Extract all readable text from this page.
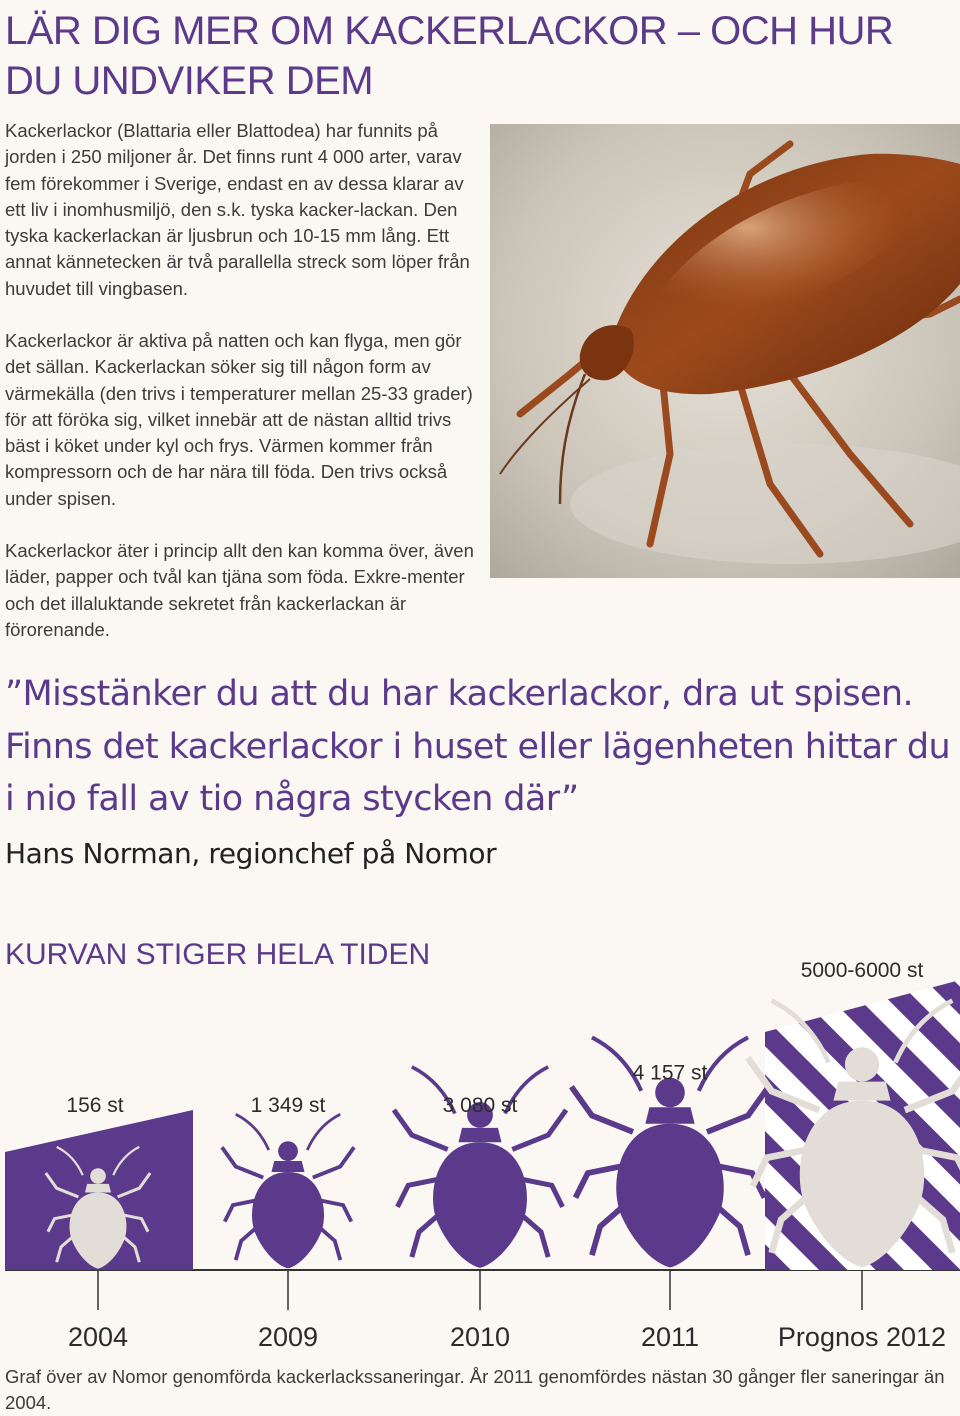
LÄR DIG MER OM KACKERLACKOR – OCH HUR DU UNDVIKER DEM

Kackerlackor (Blattaria eller Blattodea) har funnits på jorden i 250 miljoner år. Det finns runt 4 000 arter, varav fem förekommer i Sverige, endast en av dessa klarar av ett liv i inomhusmiljö, den s.k. tyska kacker-lackan. Den tyska kackerlackan är ljusbrun och 10-15 mm lång. Ett annat kännetecken är två parallella streck som löper från huvudet till vingbasen.

Kackerlackor är aktiva på natten och kan flyga, men gör det sällan. Kackerlackan söker sig till någon form av värmekälla (den trivs i temperaturer mellan 25-33 grader) för att föröka sig, vilket innebär att de nästan alltid trivs bäst i köket under kyl och frys. Värmen kommer från kompressorn och de har nära till föda. Den trivs också under spisen.

Kackerlackor äter i princip allt den kan komma över, även läder, papper och tvål kan tjäna som föda. Exkre-menter och det illaluktande sekretet från kackerlackan är förorenande.

”Misstänker du att du har kackerlackor, dra ut spisen. Finns det kackerlackor i huset eller lägenheten hittar du i nio fall av tio några stycken där”

Hans Norman, regionchef på Nomor

KURVAN STIGER HELA TIDEN
156 st	1 349 st	3 080 st
4 157 st
5000-6000 st
2004	2009	2010	2011	Prognos 2012

Graf över av Nomor genomförda kackerlackssaneringar. År 2011 genomfördes nästan 30 gånger fler saneringar än 2004.
